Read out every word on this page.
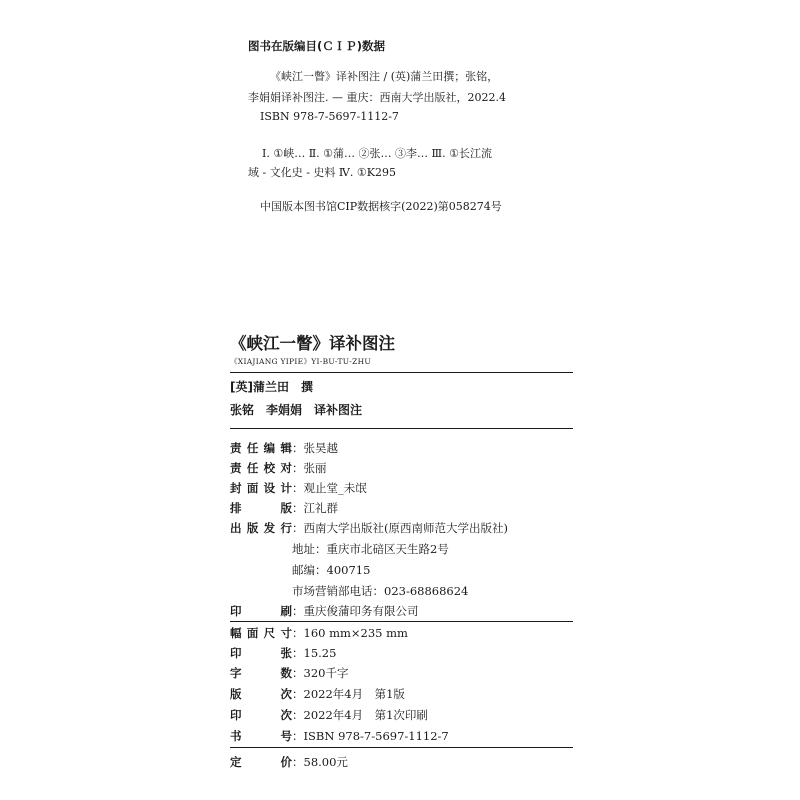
图书在版编目(ＣＩＰ)数据
《峡江一瞥》译补图注 / (英)蒲兰田撰；张铭，
李娟娟译补图注. — 重庆：西南大学出版社，2022.4
ISBN 978-7-5697-1112-7
Ⅰ. ①峡… Ⅱ. ①蒲… ②张… ③李… Ⅲ. ①长江流
域 - 文化史 - 史料 Ⅳ. ①K295
中国版本图书馆CIP数据核字(2022)第058274号
《峡江一瞥》译补图注
《XIAJIANG YIPIE》YI-BU-TU-ZHU
[英]蒲兰田　撰
张铭　李娟娟　译补图注
责任编辑：张昊越
责任校对：张丽
封面设计：观止堂_未氓
排版：江礼群
出版发行：西南大学出版社(原西南师范大学出版社)
地址：重庆市北碚区天生路2号
邮编：400715
市场营销部电话：023-68868624
印刷：重庆俊蒲印务有限公司
幅面尺寸：160 mm×235 mm
印张：15.25
字数：320千字
版次：2022年4月　第1版
印次：2022年4月　第1次印刷
书号：ISBN 978-7-5697-1112-7
定价：58.00元
